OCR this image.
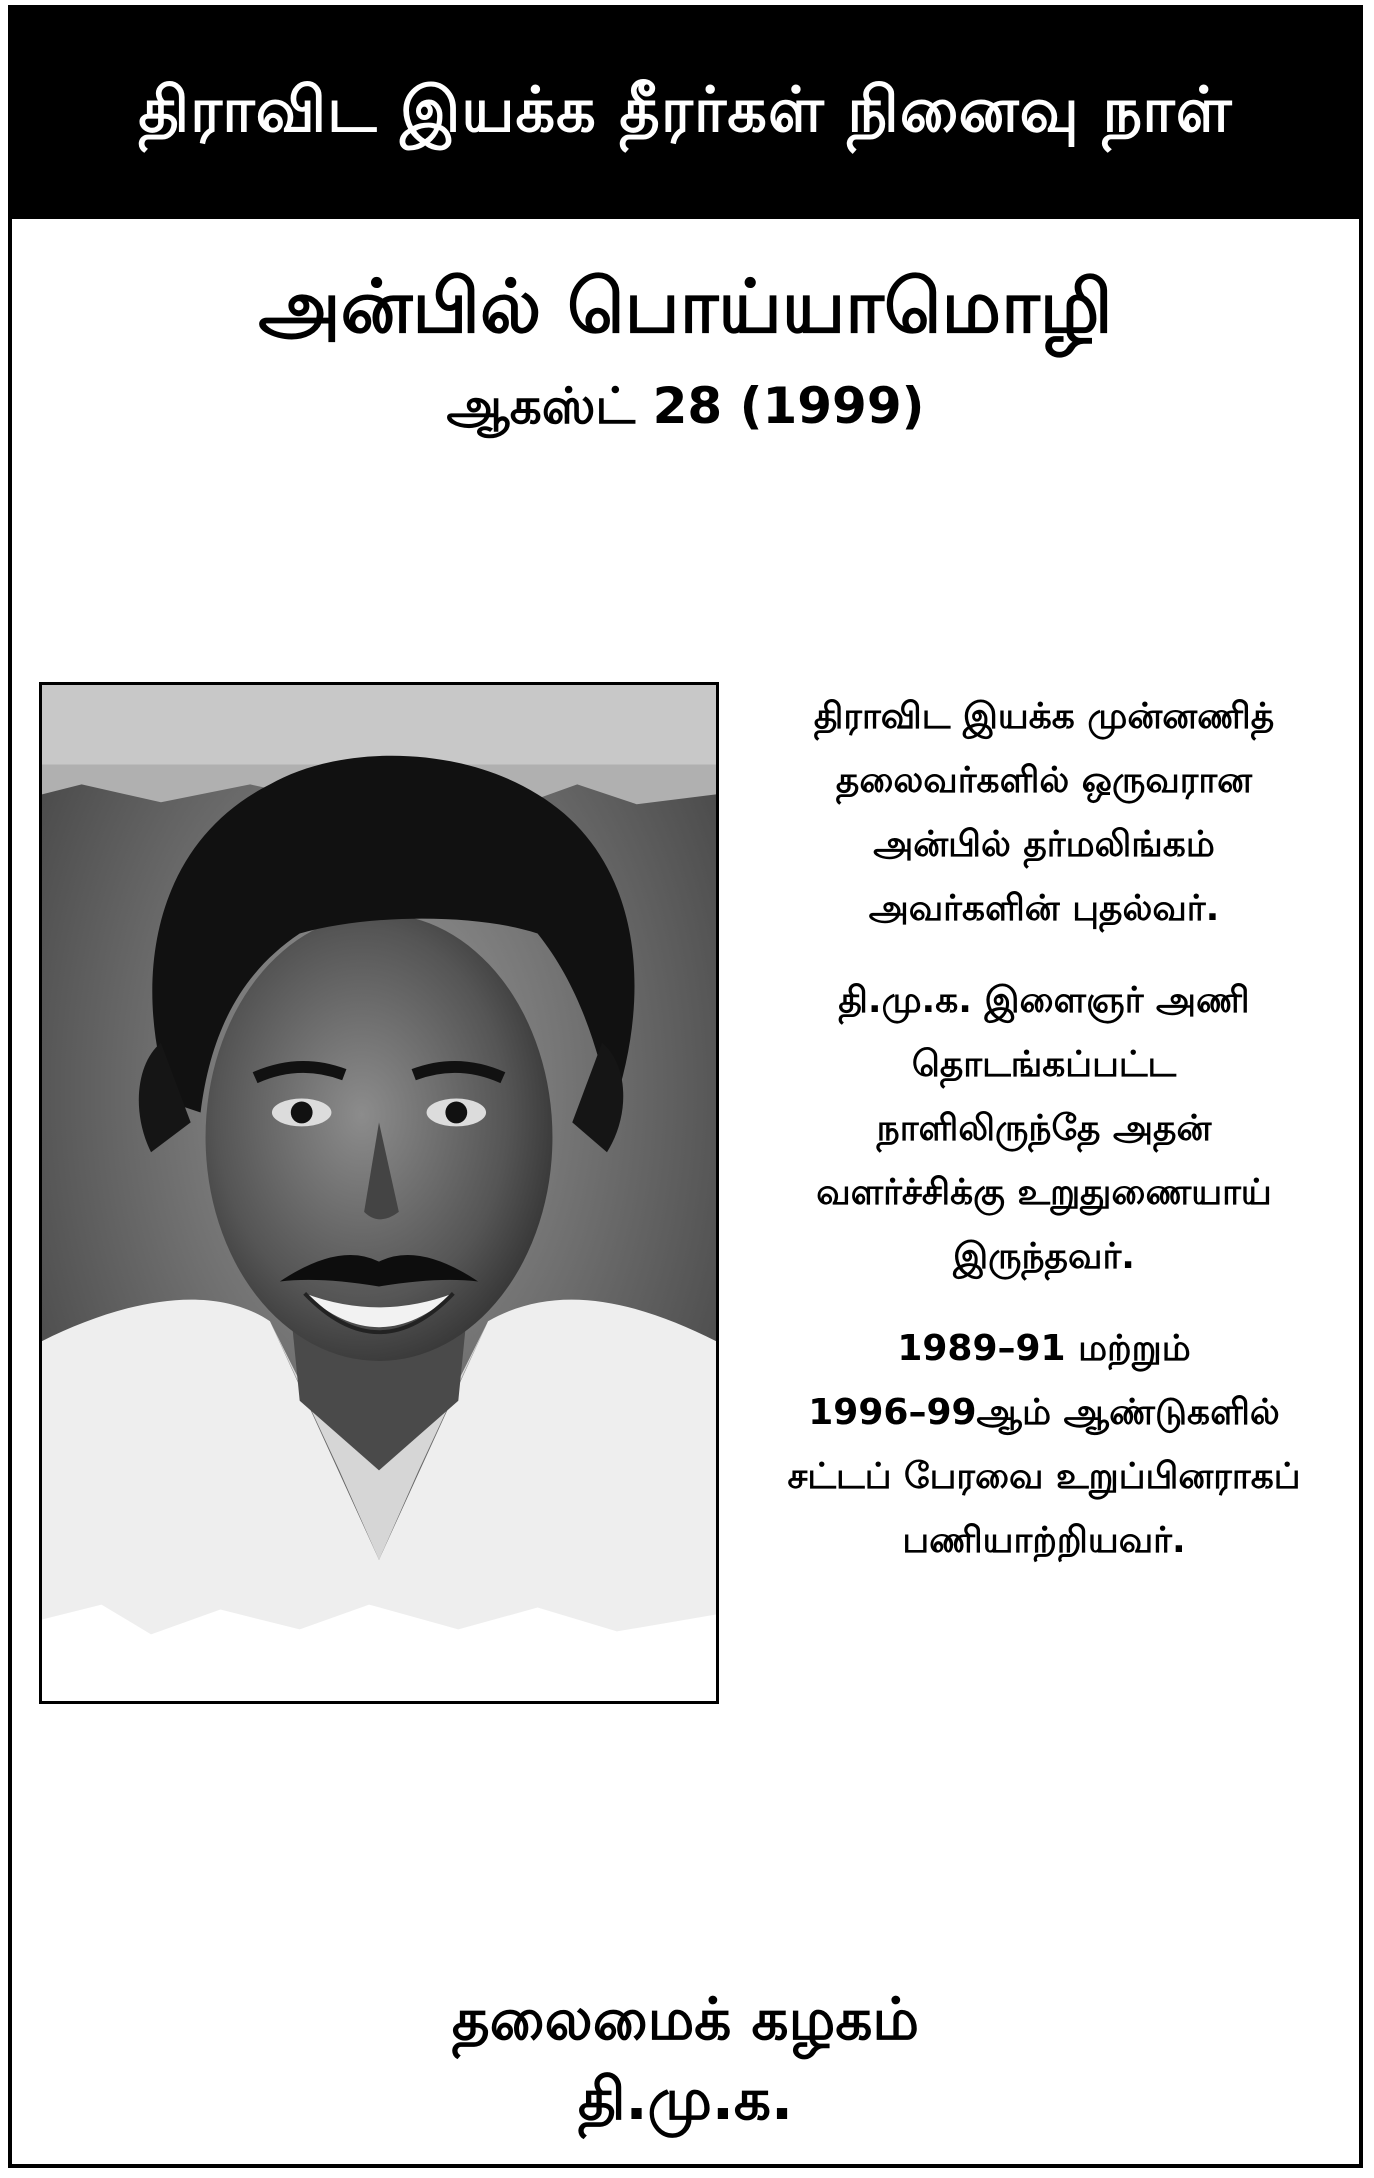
திராவிட இயக்க தீரர்கள் நினைவு நாள்
அன்பில் பொய்யாமொழி
ஆகஸ்ட் 28 (1999)

திராவிட இயக்க முன்னணித்
தலைவர்களில் ஒருவரான
அன்பில் தர்மலிங்கம்
அவர்களின் புதல்வர்.

தி.மு.க. இளைஞர் அணி
தொடங்கப்பட்ட
நாளிலிருந்தே அதன்
வளர்ச்சிக்கு உறுதுணையாய்
இருந்தவர்.

1989–91 மற்றும்
1996–99ஆம் ஆண்டுகளில்
சட்டப் பேரவை உறுப்பினராகப்
பணியாற்றியவர்.

தலைமைக் கழகம்
தி.மு.க.
